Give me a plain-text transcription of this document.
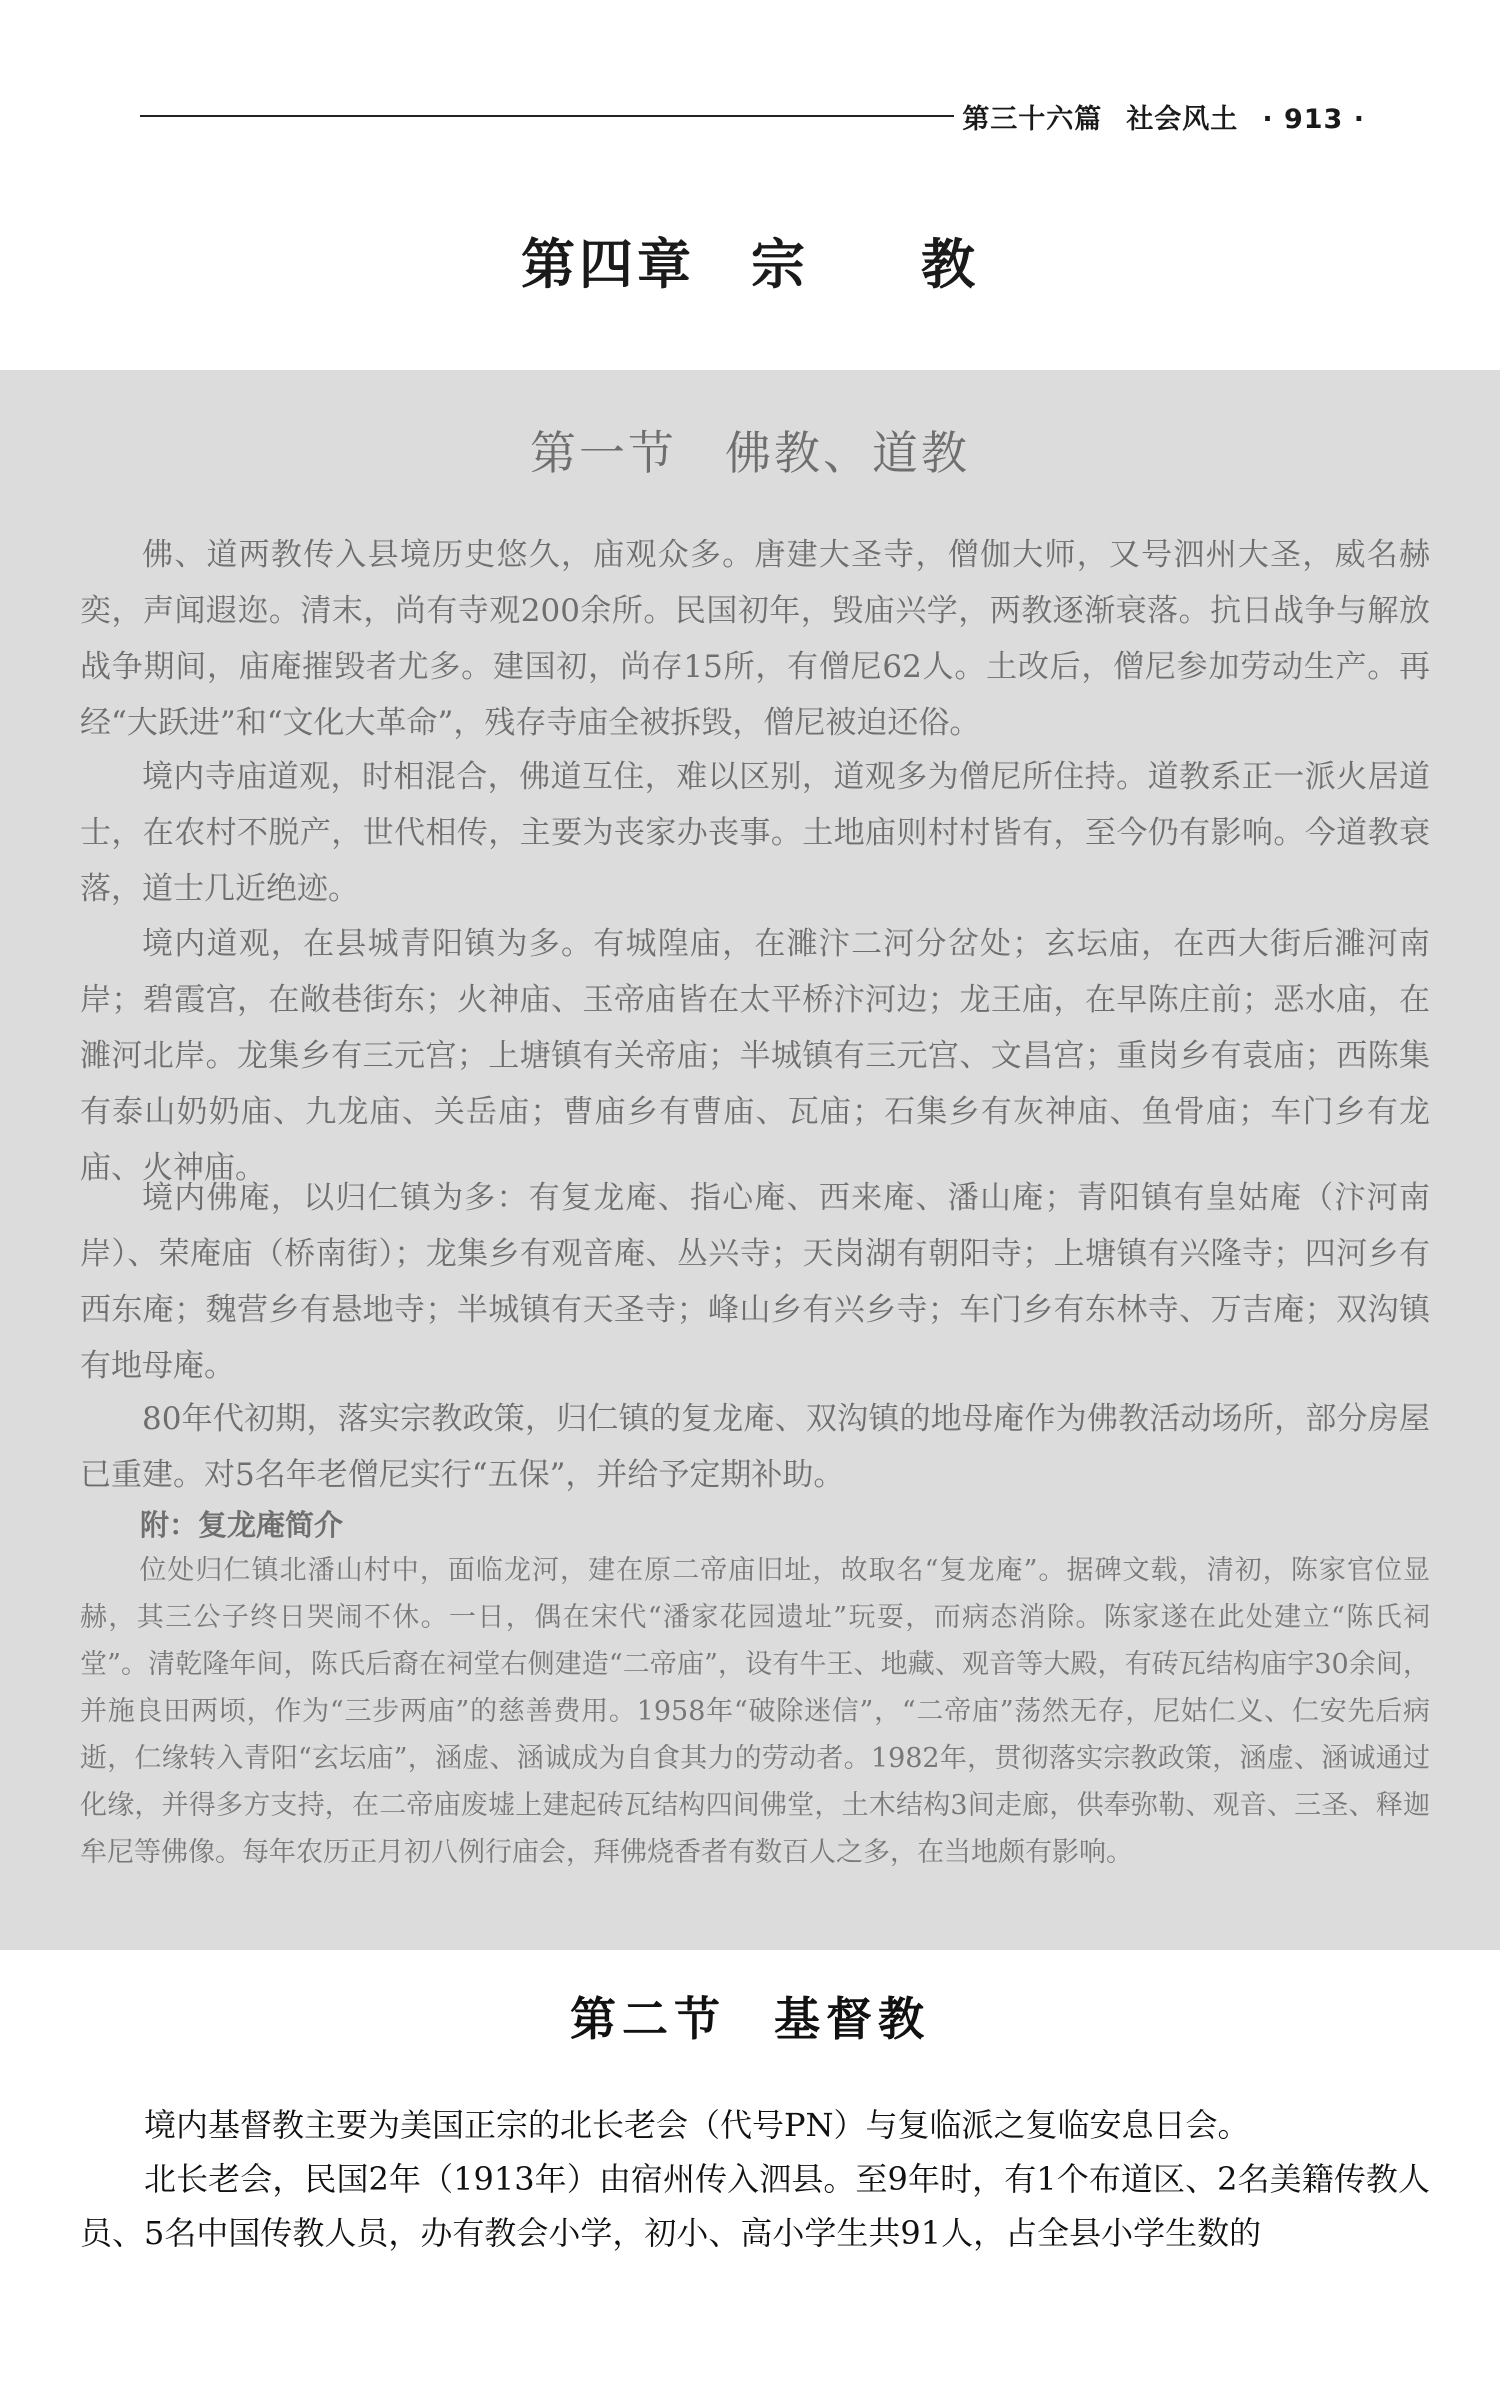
第三十六篇 社会风土 · 913 ·
第四章 宗 教
第一节 佛教、道教

佛、道两教传入县境历史悠久，庙观众多。唐建大圣寺，僧伽大师，又号泗州大圣，威名赫奕，声闻遐迩。清末，尚有寺观200余所。民国初年，毁庙兴学，两教逐渐衰落。抗日战争与解放战争期间，庙庵摧毁者尤多。建国初，尚存15所，有僧尼62人。土改后，僧尼参加劳动生产。再经“大跃进”和“文化大革命”，残存寺庙全被拆毁，僧尼被迫还俗。

境内寺庙道观，时相混合，佛道互住，难以区别，道观多为僧尼所住持。道教系正一派火居道士，在农村不脱产，世代相传，主要为丧家办丧事。土地庙则村村皆有，至今仍有影响。今道教衰落，道士几近绝迹。

境内道观，在县城青阳镇为多。有城隍庙，在濉汴二河分岔处；玄坛庙，在西大街后濉河南岸；碧霞宫，在敞巷街东；火神庙、玉帝庙皆在太平桥汴河边；龙王庙，在早陈庄前；恶水庙，在濉河北岸。龙集乡有三元宫；上塘镇有关帝庙；半城镇有三元宫、文昌宫；重岗乡有袁庙；西陈集有泰山奶奶庙、九龙庙、关岳庙；曹庙乡有曹庙、瓦庙；石集乡有灰神庙、鱼骨庙；车门乡有龙庙、火神庙。

境内佛庵，以归仁镇为多：有复龙庵、指心庵、西来庵、潘山庵；青阳镇有皇姑庵（汴河南岸）、荣庵庙（桥南街）；龙集乡有观音庵、丛兴寺；天岗湖有朝阳寺；上塘镇有兴隆寺；四河乡有西东庵；魏营乡有悬地寺；半城镇有天圣寺；峰山乡有兴乡寺；车门乡有东林寺、万吉庵；双沟镇有地母庵。

80年代初期，落实宗教政策，归仁镇的复龙庵、双沟镇的地母庵作为佛教活动场所，部分房屋已重建。对5名年老僧尼实行“五保”，并给予定期补助。

附：复龙庵简介

位处归仁镇北潘山村中，面临龙河，建在原二帝庙旧址，故取名“复龙庵”。据碑文载，清初，陈家官位显赫，其三公子终日哭闹不休。一日，偶在宋代“潘家花园遗址”玩耍，而病态消除。陈家遂在此处建立“陈氏祠堂”。清乾隆年间，陈氏后裔在祠堂右侧建造“二帝庙”，设有牛王、地藏、观音等大殿，有砖瓦结构庙宇30余间，并施良田两顷，作为“三步两庙”的慈善费用。1958年“破除迷信”，“二帝庙”荡然无存，尼姑仁义、仁安先后病逝，仁缘转入青阳“玄坛庙”，涵虚、涵诚成为自食其力的劳动者。1982年，贯彻落实宗教政策，涵虚、涵诚通过化缘，并得多方支持，在二帝庙废墟上建起砖瓦结构四间佛堂，土木结构3间走廊，供奉弥勒、观音、三圣、释迦牟尼等佛像。每年农历正月初八例行庙会，拜佛烧香者有数百人之多，在当地颇有影响。

第二节 基督教

境内基督教主要为美国正宗的北长老会（代号PN）与复临派之复临安息日会。

北长老会，民国2年（1913年）由宿州传入泗县。至9年时，有1个布道区、2名美籍传教人员、5名中国传教人员，办有教会小学，初小、高小学生共91人，占全县小学生数的
